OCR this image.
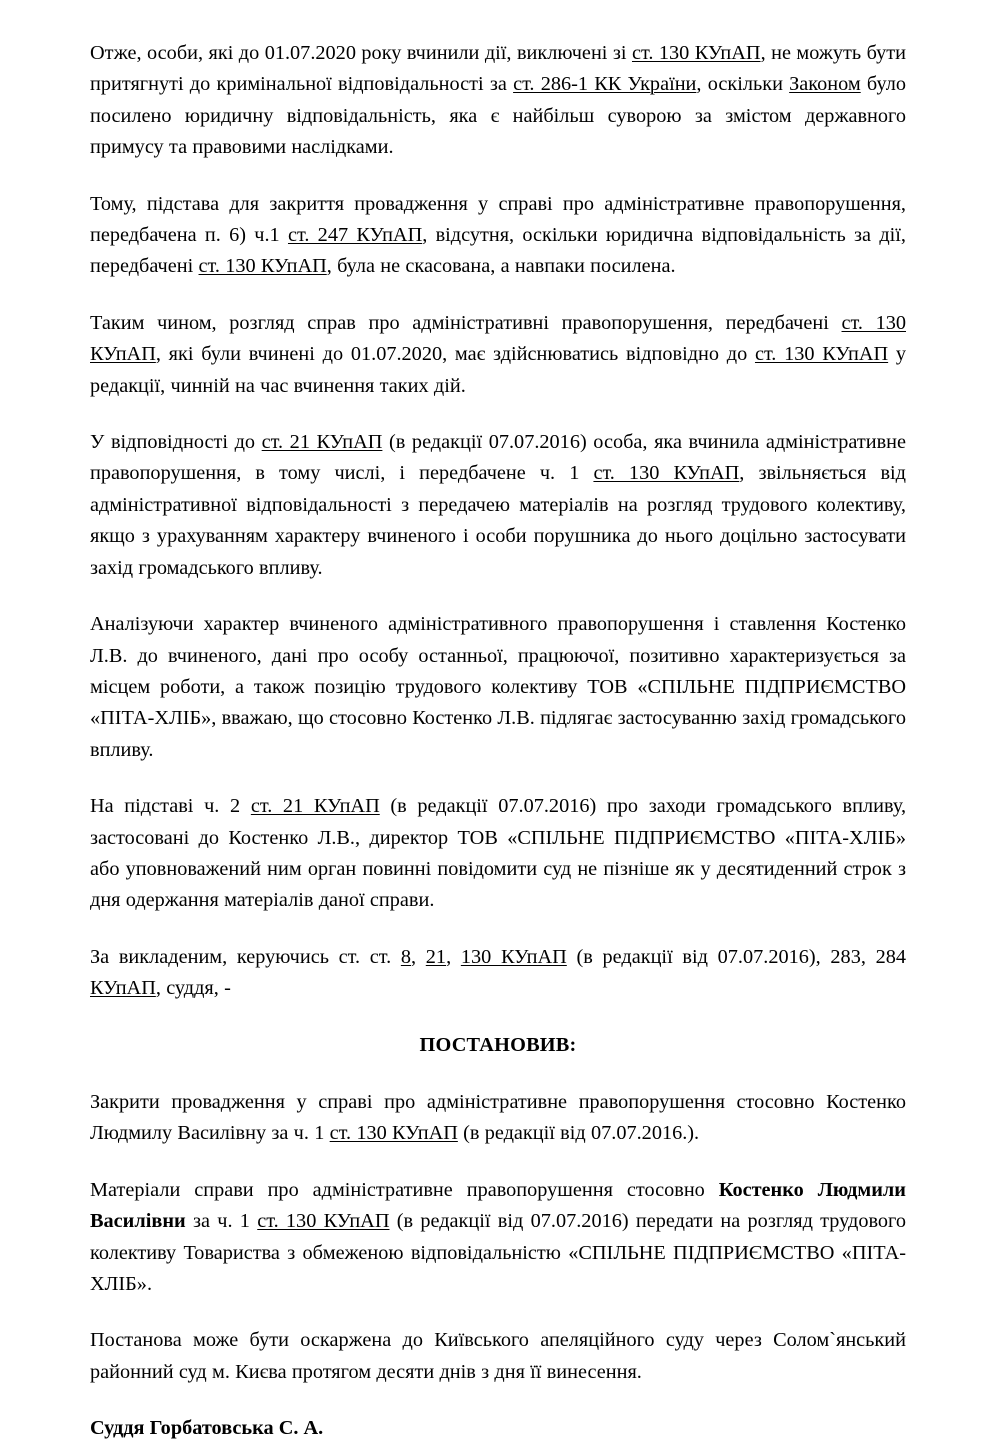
Отже, особи, які до 01.07.2020 року вчинили дії, виключені зі ст. 130 КУпАП, не можуть бути притягнуті до кримінальної відповідальності за ст. 286-1 КК України, оскільки Законом було посилено юридичну відповідальність, яка є найбільш суворою за змістом державного примусу та правовими наслідками.

Тому, підстава для закриття провадження у справі про адміністративне правопорушення, передбачена п. 6) ч.1 ст. 247 КУпАП, відсутня, оскільки юридична відповідальність за дії, передбачені ст. 130 КУпАП, була не скасована, а навпаки посилена.

Таким чином, розгляд справ про адміністративні правопорушення, передбачені ст. 130 КУпАП, які були вчинені до 01.07.2020, має здійснюватись відповідно до ст. 130 КУпАП у редакції, чинній на час вчинення таких дій.

У відповідності до ст. 21 КУпАП (в редакції 07.07.2016) особа, яка вчинила адміністративне правопорушення, в тому числі, і передбачене ч. 1 ст. 130 КУпАП, звільняється від адміністративної відповідальності з передачею матеріалів на розгляд трудового колективу, якщо з урахуванням характеру вчиненого і особи порушника до нього доцільно застосувати захід громадського впливу.

Аналізуючи характер вчиненого адміністративного правопорушення і ставлення Костенко Л.В. до вчиненого, дані про особу останньої, працюючої, позитивно характеризується за місцем роботи, а також позицію трудового колективу ТОВ «СПІЛЬНЕ ПІДПРИЄМСТВО «ПІТА-ХЛІБ», вважаю, що стосовно Костенко Л.В. підлягає застосуванню захід громадського впливу.

На підставі ч. 2 ст. 21 КУпАП (в редакції 07.07.2016) про заходи громадського впливу, застосовані до Костенко Л.В., директор ТОВ «СПІЛЬНЕ ПІДПРИЄМСТВО «ПІТА-ХЛІБ» або уповноважений ним орган повинні повідомити суд не пізніше як у десятиденний строк з дня одержання матеріалів даної справи.

За викладеним, керуючись ст. ст. 8, 21, 130 КУпАП (в редакції від 07.07.2016), 283, 284 КУпАП, суддя, -

ПОСТАНОВИВ:

Закрити провадження у справі про адміністративне правопорушення стосовно Костенко Людмилу Василівну за ч. 1 ст. 130 КУпАП (в редакції від 07.07.2016.).

Матеріали справи про адміністративне правопорушення стосовно Костенко Людмили Василівни за ч. 1 ст. 130 КУпАП (в редакції від 07.07.2016) передати на розгляд трудового колективу Товариства з обмеженою відповідальністю «СПІЛЬНЕ ПІДПРИЄМСТВО «ПІТА-ХЛІБ».

Постанова може бути оскаржена до Київського апеляційного суду через Солом`янський районний суд м. Києва протягом десяти днів з дня її винесення.

Суддя Горбатовська С. А.
